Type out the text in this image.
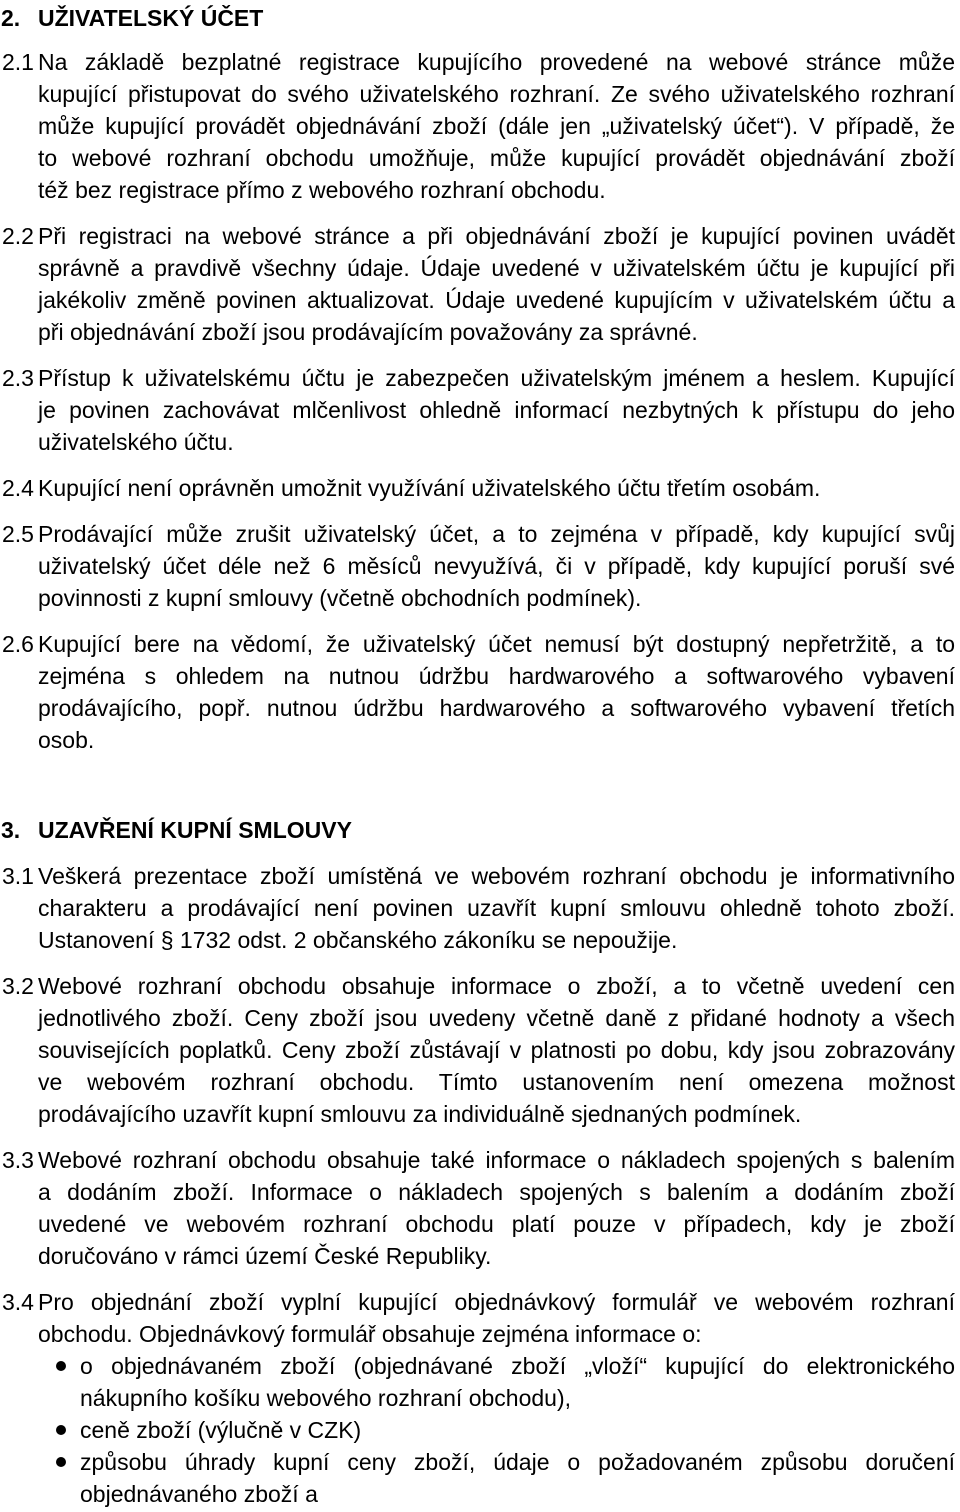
2. UŽIVATELSKÝ ÚČET
2.1 Na základě bezplatné registrace kupujícího provedené na webové stránce může
kupující přistupovat do svého uživatelského rozhraní. Ze svého uživatelského rozhraní
může kupující provádět objednávání zboží (dále jen „uživatelský účet“). V případě, že
to webové rozhraní obchodu umožňuje, může kupující provádět objednávání zboží
též bez registrace přímo z webového rozhraní obchodu.
2.2 Při registraci na webové stránce a při objednávání zboží je kupující povinen uvádět
správně a pravdivě všechny údaje. Údaje uvedené v uživatelském účtu je kupující při
jakékoliv změně povinen aktualizovat. Údaje uvedené kupujícím v uživatelském účtu a
při objednávání zboží jsou prodávajícím považovány za správné.
2.3 Přístup k uživatelskému účtu je zabezpečen uživatelským jménem a heslem. Kupující
je povinen zachovávat mlčenlivost ohledně informací nezbytných k přístupu do jeho
uživatelského účtu.
2.4 Kupující není oprávněn umožnit využívání uživatelského účtu třetím osobám.
2.5 Prodávající může zrušit uživatelský účet, a to zejména v případě, kdy kupující svůj
uživatelský účet déle než 6 měsíců nevyužívá, či v případě, kdy kupující poruší své
povinnosti z kupní smlouvy (včetně obchodních podmínek).
2.6 Kupující bere na vědomí, že uživatelský účet nemusí být dostupný nepřetržitě, a to
zejména s ohledem na nutnou údržbu hardwarového a softwarového vybavení
prodávajícího, popř. nutnou údržbu hardwarového a softwarového vybavení třetích
osob.
3. UZAVŘENÍ KUPNÍ SMLOUVY
3.1 Veškerá prezentace zboží umístěná ve webovém rozhraní obchodu je informativního
charakteru a prodávající není povinen uzavřít kupní smlouvu ohledně tohoto zboží.
Ustanovení § 1732 odst. 2 občanského zákoníku se nepoužije.
3.2 Webové rozhraní obchodu obsahuje informace o zboží, a to včetně uvedení cen
jednotlivého zboží. Ceny zboží jsou uvedeny včetně daně z přidané hodnoty a všech
souvisejících poplatků. Ceny zboží zůstávají v platnosti po dobu, kdy jsou zobrazovány
ve webovém rozhraní obchodu. Tímto ustanovením není omezena možnost
prodávajícího uzavřít kupní smlouvu za individuálně sjednaných podmínek.
3.3 Webové rozhraní obchodu obsahuje také informace o nákladech spojených s balením
a dodáním zboží. Informace o nákladech spojených s balením a dodáním zboží
uvedené ve webovém rozhraní obchodu platí pouze v případech, kdy je zboží
doručováno v rámci území České Republiky.
3.4 Pro objednání zboží vyplní kupující objednávkový formulář ve webovém rozhraní
obchodu. Objednávkový formulář obsahuje zejména informace o:
o objednávaném zboží (objednávané zboží „vloží“ kupující do elektronického
nákupního košíku webového rozhraní obchodu),
ceně zboží (výlučně v CZK)
způsobu úhrady kupní ceny zboží, údaje o požadovaném způsobu doručení
objednávaného zboží a
